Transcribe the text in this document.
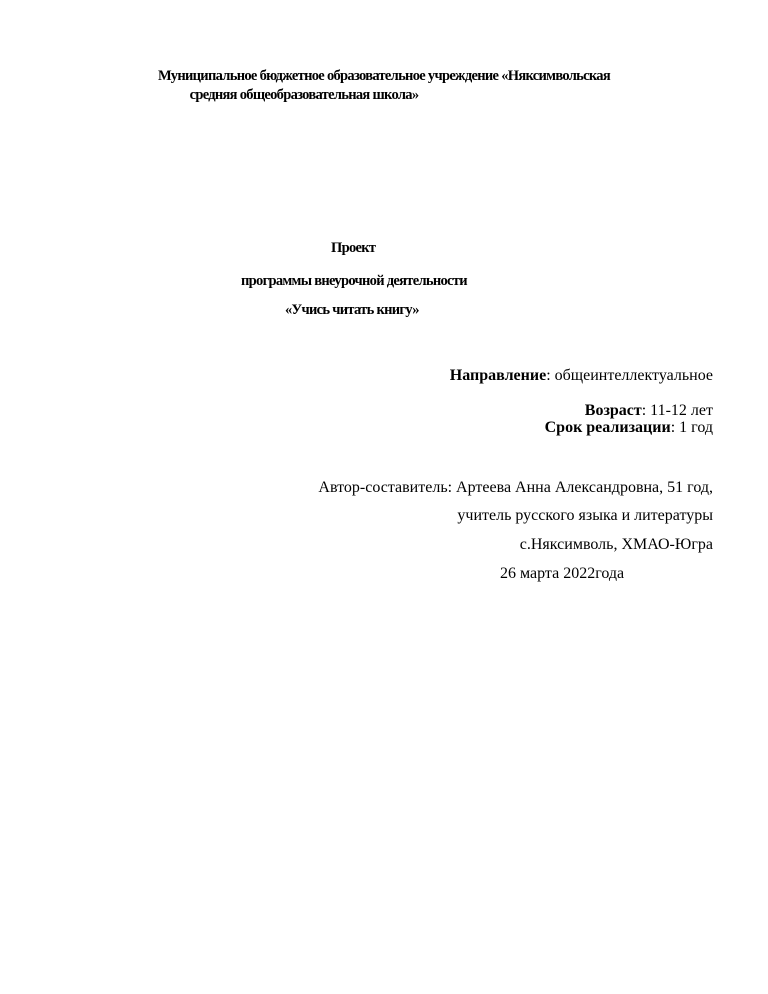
Муниципальное бюджетное образовательное учреждение «Няксимвольская
средняя общеобразовательная школа»
Проект
программы внеурочной деятельности
«Учись читать книгу»
Направление: общеинтеллектуальное
Возраст: 11-12 лет
Срок реализации: 1 год
Автор-составитель: Артеева Анна Александровна, 51 год,
учитель русского языка и литературы
с.Няксимволь, ХМАО-Югра
26 марта 2022года
